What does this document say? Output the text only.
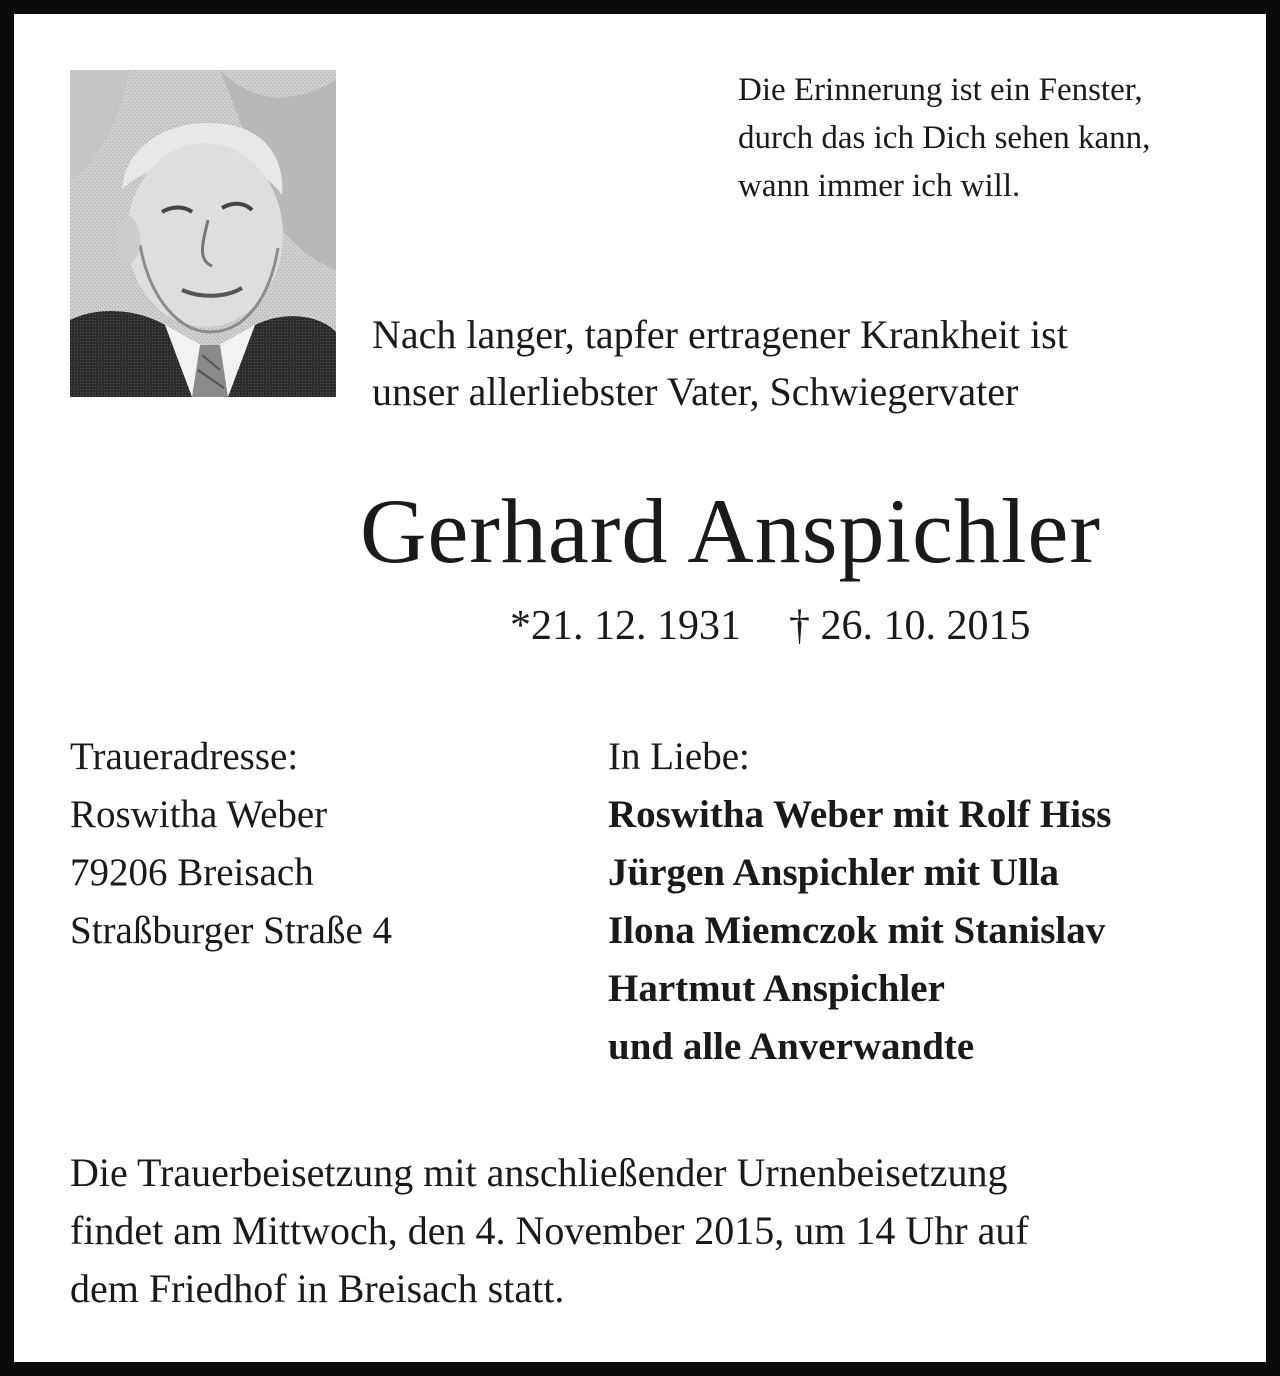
Die Erinnerung ist ein Fenster,
durch das ich Dich sehen kann,
wann immer ich will.
Nach langer, tapfer ertragener Krankheit ist
unser allerliebster Vater, Schwiegervater
Gerhard Anspichler
*21. 12. 1931 † 26. 10. 2015
Traueradresse:
Roswitha Weber
79206 Breisach
Straßburger Straße 4
In Liebe:
Roswitha Weber mit Rolf Hiss
Jürgen Anspichler mit Ulla
Ilona Miemczok mit Stanislav
Hartmut Anspichler
und alle Anverwandte
Die Trauerbeisetzung mit anschließender Urnenbeisetzung
findet am Mittwoch, den 4. November 2015, um 14 Uhr auf
dem Friedhof in Breisach statt.
